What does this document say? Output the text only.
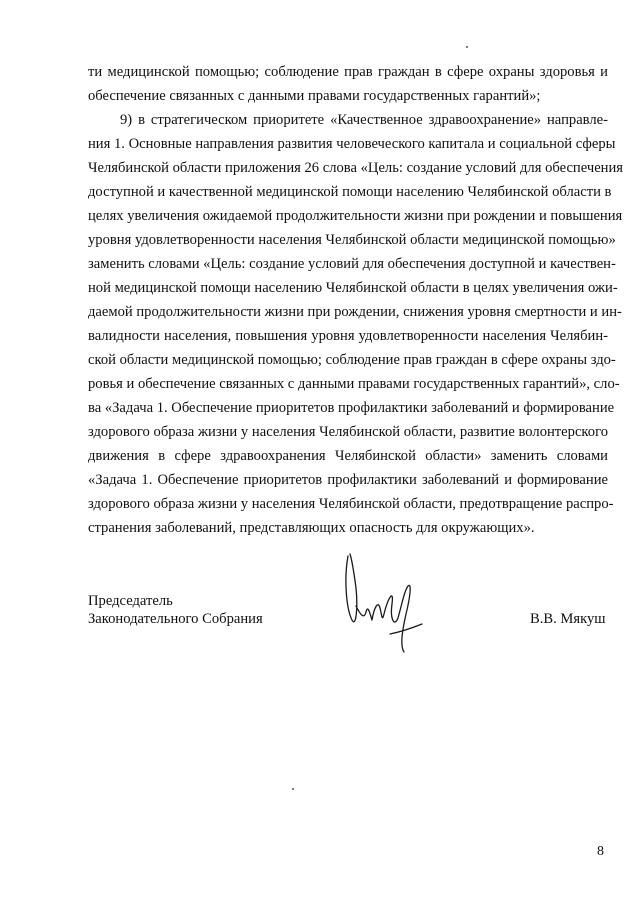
ти медицинской помощью; соблюдение прав граждан в сфере охраны здоровья и
обеспечение связанных с данными правами государственных гарантий»;
9) в стратегическом приоритете «Качественное здравоохранение» направле-
ния 1. Основные направления развития человеческого капитала и социальной сферы
Челябинской области приложения 26 слова «Цель: создание условий для обеспечения
доступной и качественной медицинской помощи населению Челябинской области в
целях увеличения ожидаемой продолжительности жизни при рождении и повышения
уровня удовлетворенности населения Челябинской области медицинской помощью»
заменить словами «Цель: создание условий для обеспечения доступной и качествен-
ной медицинской помощи населению Челябинской области в целях увеличения ожи-
даемой продолжительности жизни при рождении, снижения уровня смертности и ин-
валидности населения, повышения уровня удовлетворенности населения Челябин-
ской области медицинской помощью; соблюдение прав граждан в сфере охраны здо-
ровья и обеспечение связанных с данными правами государственных гарантий», сло-
ва «Задача 1. Обеспечение приоритетов профилактики заболеваний и формирование
здорового образа жизни у населения Челябинской области, развитие волонтерского
движения в сфере здравоохранения Челябинской области» заменить словами
«Задача 1. Обеспечение приоритетов профилактики заболеваний и формирование
здорового образа жизни у населения Челябинской области, предотвращение распро-
странения заболеваний, представляющих опасность для окружающих».
Председатель
Законодательного Собрания	В.В. Мякуш
8
